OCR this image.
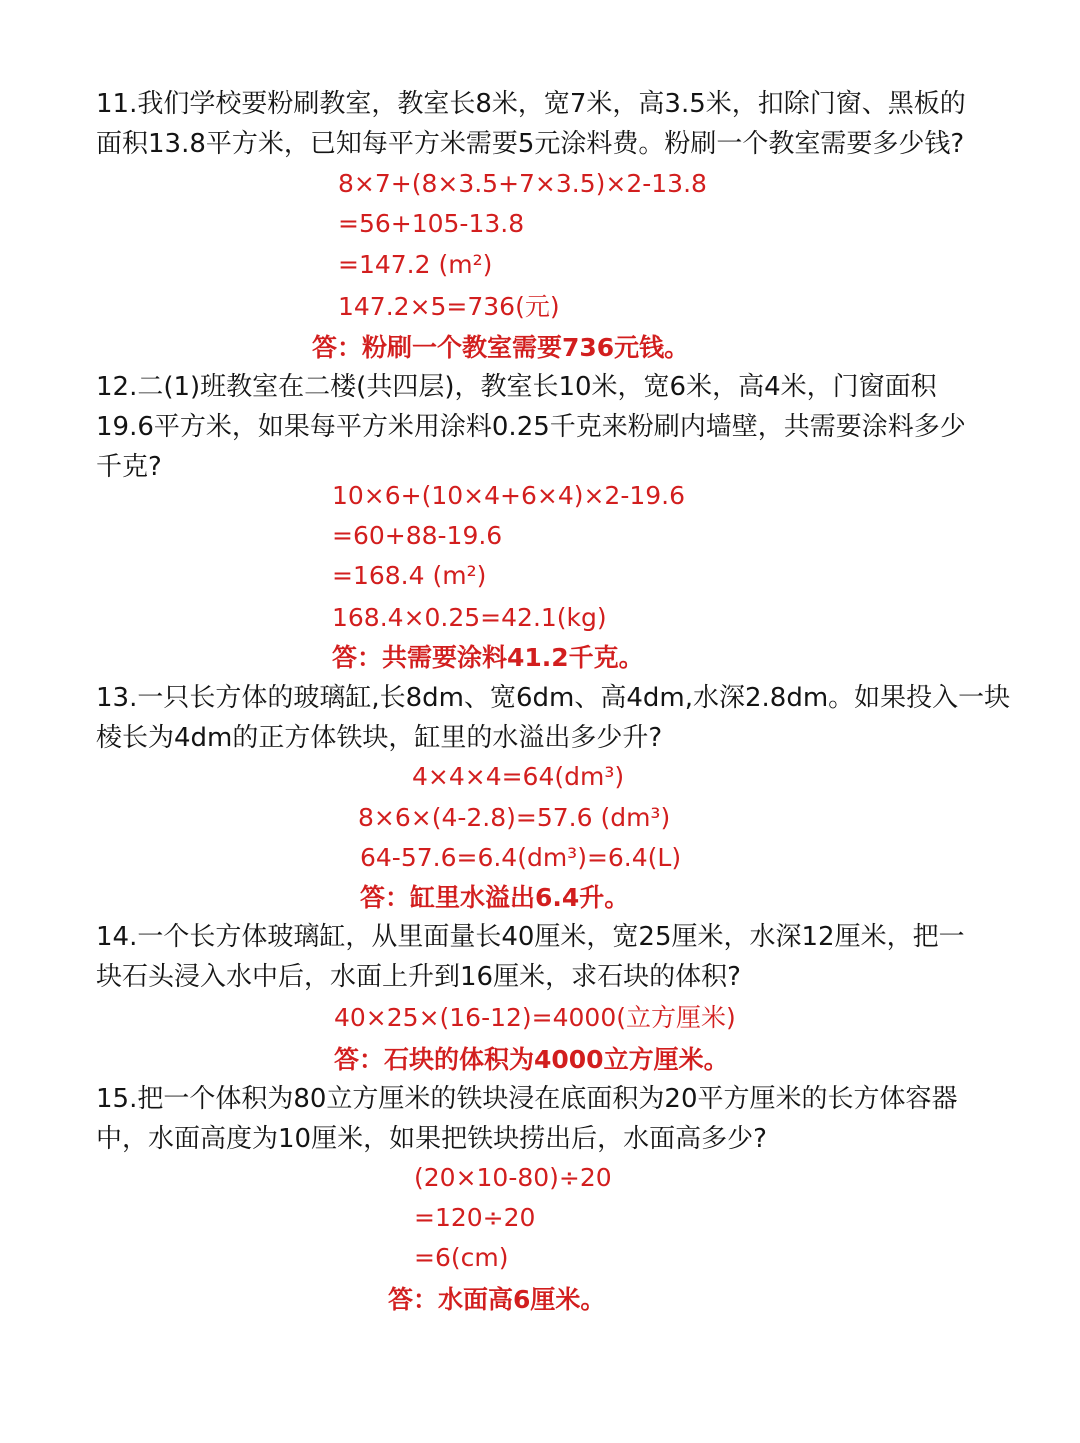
11.我们学校要粉刷教室，教室长8米，宽7米，高3.5米，扣除门窗、黑板的
面积13.8平方米，已知每平方米需要5元涂料费。粉刷一个教室需要多少钱?
8×7+(8×3.5+7×3.5)×2-13.8
=56+105-13.8
=147.2 (m²)
147.2×5=736(元)
答：粉刷一个教室需要736元钱。
12.二(1)班教室在二楼(共四层)，教室长10米，宽6米，高4米，门窗面积
19.6平方米，如果每平方米用涂料0.25千克来粉刷内墙壁，共需要涂料多少
千克?
10×6+(10×4+6×4)×2-19.6
=60+88-19.6
=168.4 (m²)
168.4×0.25=42.1(kg)
答：共需要涂料41.2千克。
13.一只长方体的玻璃缸,长8dm、宽6dm、高4dm,水深2.8dm。如果投入一块
棱长为4dm的正方体铁块，缸里的水溢出多少升?
4×4×4=64(dm³)
8×6×(4-2.8)=57.6 (dm³)
64-57.6=6.4(dm³)=6.4(L)
答：缸里水溢出6.4升。
14.一个长方体玻璃缸，从里面量长40厘米，宽25厘米，水深12厘米，把一
块石头浸入水中后，水面上升到16厘米，求石块的体积?
40×25×(16-12)=4000(立方厘米)
答：石块的体积为4000立方厘米。
15.把一个体积为80立方厘米的铁块浸在底面积为20平方厘米的长方体容器
中，水面高度为10厘米，如果把铁块捞出后，水面高多少?
(20×10-80)÷20
=120÷20
=6(cm)
答：水面高6厘米。
